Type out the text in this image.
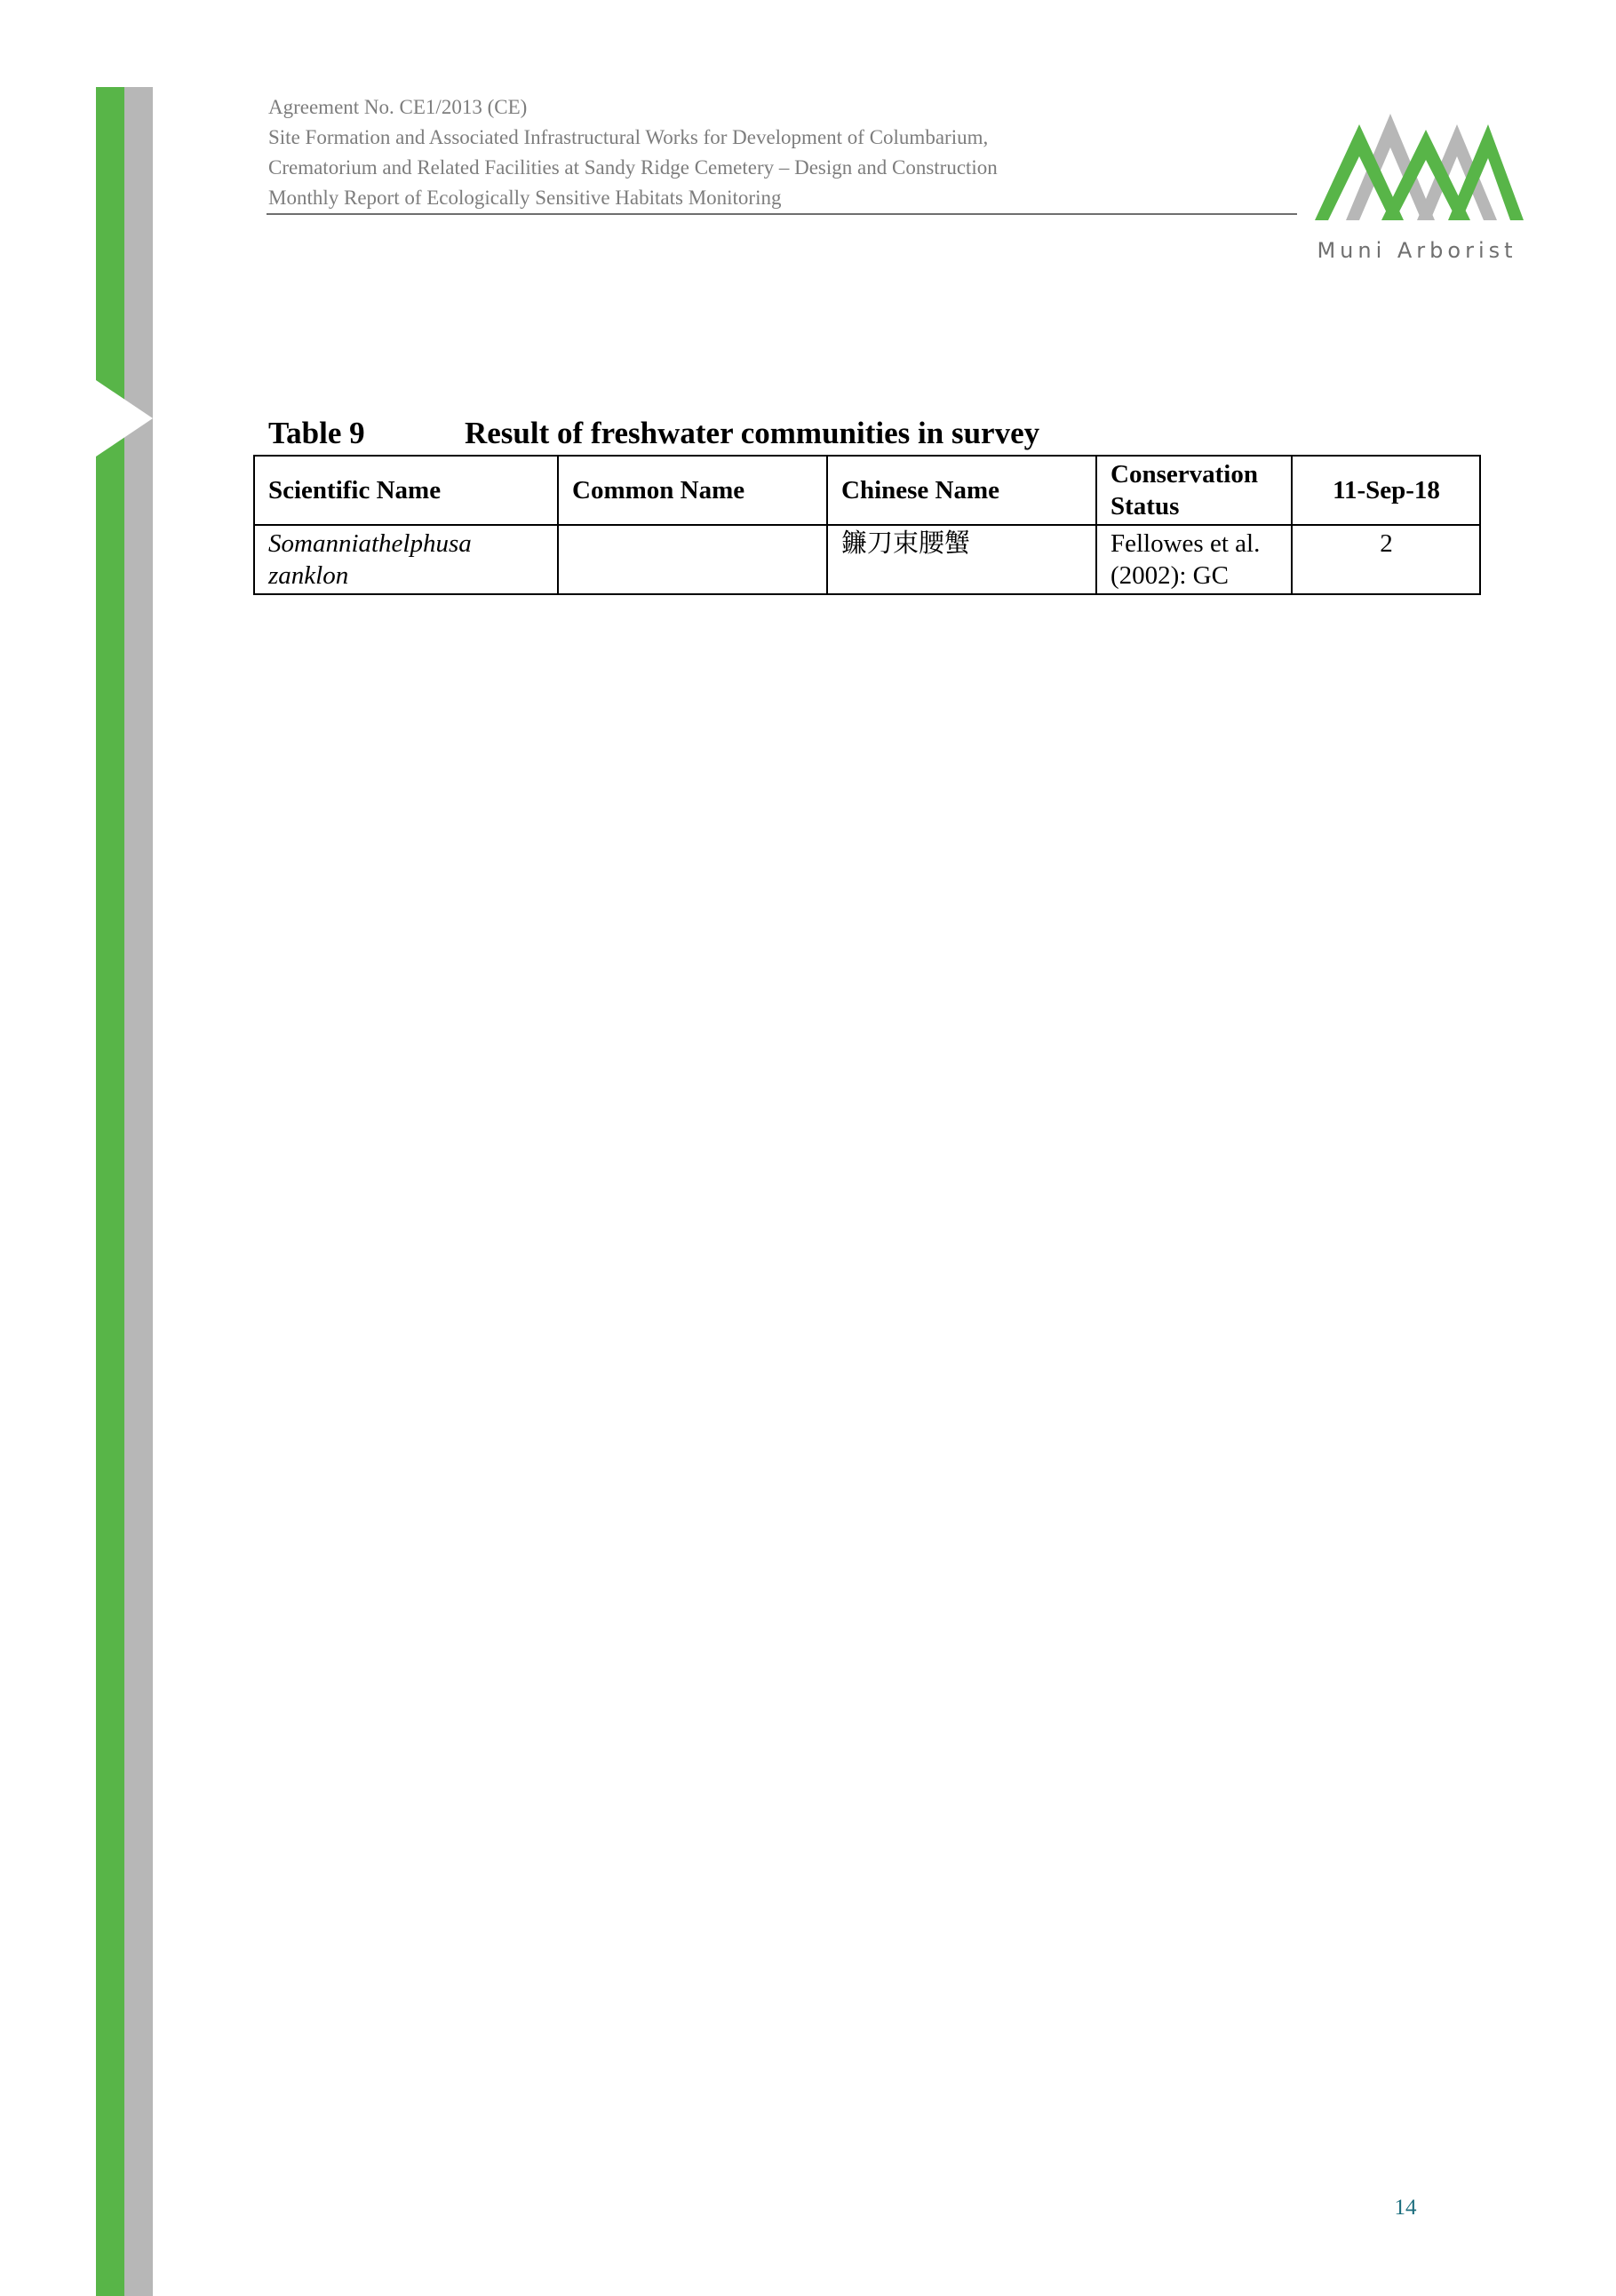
Agreement No. CE1/2013 (CE)
Site Formation and Associated Infrastructural Works for Development of Columbarium,
Crematorium and Related Facilities at Sandy Ridge Cemetery – Design and Construction
Monthly Report of Ecologically Sensitive Habitats Monitoring
Muni Arborist
Table 9	Result of freshwater communities in survey
Scientific Name	Common Name	Chinese Name	Conservation Status	11-Sep-18
Somanniathelphusa zanklon		鐮刀束腰蟹	Fellowes et al. (2002): GC	2
14
